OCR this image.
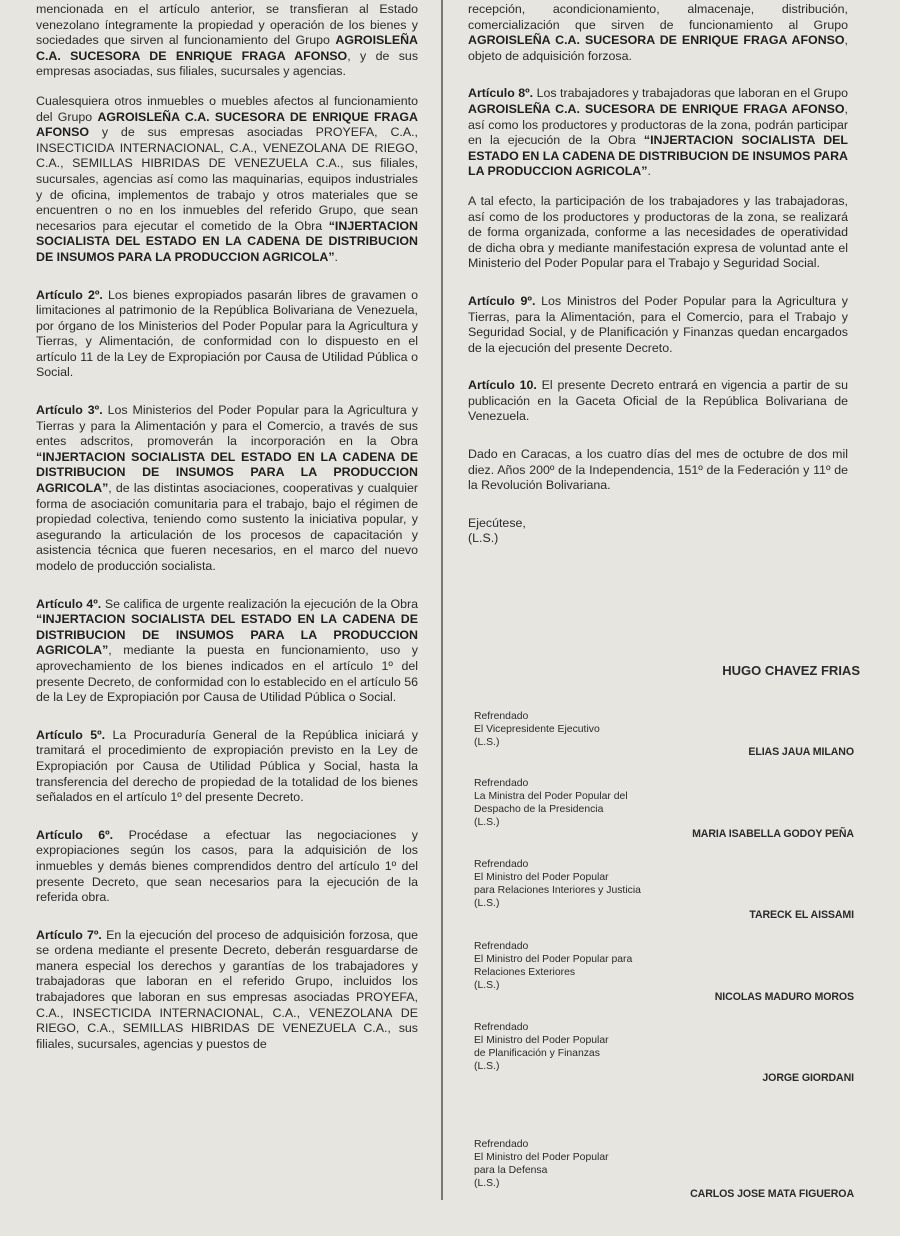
mencionada en el artículo anterior, se transfieran al Estado venezolano íntegramente la propiedad y operación de los bienes y sociedades que sirven al funcionamiento del Grupo AGROISLEÑA C.A. SUCESORA DE ENRIQUE FRAGA AFONSO, y de sus empresas asociadas, sus filiales, sucursales y agencias.

Cualesquiera otros inmuebles o muebles afectos al funcionamiento del Grupo AGROISLEÑA C.A. SUCESORA DE ENRIQUE FRAGA AFONSO y de sus empresas asociadas PROYEFA, C.A., INSECTICIDA INTERNACIONAL, C.A., VENEZOLANA DE RIEGO, C.A., SEMILLAS HIBRIDAS DE VENEZUELA C.A., sus filiales, sucursales, agencias así como las maquinarias, equipos industriales y de oficina, implementos de trabajo y otros materiales que se encuentren o no en los inmuebles del referido Grupo, que sean necesarios para ejecutar el cometido de la Obra “INJERTACION SOCIALISTA DEL ESTADO EN LA CADENA DE DISTRIBUCION DE INSUMOS PARA LA PRODUCCION AGRICOLA”.

Artículo 2º. Los bienes expropiados pasarán libres de gravamen o limitaciones al patrimonio de la República Bolivariana de Venezuela, por órgano de los Ministerios del Poder Popular para la Agricultura y Tierras, y Alimentación, de conformidad con lo dispuesto en el artículo 11 de la Ley de Expropiación por Causa de Utilidad Pública o Social.

Artículo 3º. Los Ministerios del Poder Popular para la Agricultura y Tierras y para la Alimentación y para el Comercio, a través de sus entes adscritos, promoverán la incorporación en la Obra “INJERTACION SOCIALISTA DEL ESTADO EN LA CADENA DE DISTRIBUCION DE INSUMOS PARA LA PRODUCCION AGRICOLA”, de las distintas asociaciones, cooperativas y cualquier forma de asociación comunitaria para el trabajo, bajo el régimen de propiedad colectiva, teniendo como sustento la iniciativa popular, y asegurando la articulación de los procesos de capacitación y asistencia técnica que fueren necesarios, en el marco del nuevo modelo de producción socialista.

Artículo 4º. Se califica de urgente realización la ejecución de la Obra “INJERTACION SOCIALISTA DEL ESTADO EN LA CADENA DE DISTRIBUCION DE INSUMOS PARA LA PRODUCCION AGRICOLA”, mediante la puesta en funcionamiento, uso y aprovechamiento de los bienes indicados en el artículo 1º del presente Decreto, de conformidad con lo establecido en el artículo 56 de la Ley de Expropiación por Causa de Utilidad Pública o Social.

Artículo 5º. La Procuraduría General de la República iniciará y tramitará el procedimiento de expropiación previsto en la Ley de Expropiación por Causa de Utilidad Pública y Social, hasta la transferencia del derecho de propiedad de la totalidad de los bienes señalados en el artículo 1º del presente Decreto.

Artículo 6º. Procédase a efectuar las negociaciones y expropiaciones según los casos, para la adquisición de los inmuebles y demás bienes comprendidos dentro del artículo 1º del presente Decreto, que sean necesarios para la ejecución de la referida obra.

Artículo 7º. En la ejecución del proceso de adquisición forzosa, que se ordena mediante el presente Decreto, deberán resguardarse de manera especial los derechos y garantías de los trabajadores y trabajadoras que laboran en el referido Grupo, incluidos los trabajadores que laboran en sus empresas asociadas PROYEFA, C.A., INSECTICIDA INTERNACIONAL, C.A., VENEZOLANA DE RIEGO, C.A., SEMILLAS HIBRIDAS DE VENEZUELA C.A., sus filiales, sucursales, agencias y puestos de

recepción, acondicionamiento, almacenaje, distribución, comercialización que sirven de funcionamiento al Grupo AGROISLEÑA C.A. SUCESORA DE ENRIQUE FRAGA AFONSO, objeto de adquisición forzosa.

Artículo 8º. Los trabajadores y trabajadoras que laboran en el Grupo AGROISLEÑA C.A. SUCESORA DE ENRIQUE FRAGA AFONSO, así como los productores y productoras de la zona, podrán participar en la ejecución de la Obra “INJERTACION SOCIALISTA DEL ESTADO EN LA CADENA DE DISTRIBUCION DE INSUMOS PARA LA PRODUCCION AGRICOLA”.

A tal efecto, la participación de los trabajadores y las trabajadoras, así como de los productores y productoras de la zona, se realizará de forma organizada, conforme a las necesidades de operatividad de dicha obra y mediante manifestación expresa de voluntad ante el Ministerio del Poder Popular para el Trabajo y Seguridad Social.

Artículo 9º. Los Ministros del Poder Popular para la Agricultura y Tierras, para la Alimentación, para el Comercio, para el Trabajo y Seguridad Social, y de Planificación y Finanzas quedan encargados de la ejecución del presente Decreto.

Artículo 10. El presente Decreto entrará en vigencia a partir de su publicación en la Gaceta Oficial de la República Bolivariana de Venezuela.

Dado en Caracas, a los cuatro días del mes de octubre de dos mil diez. Años 200º de la Independencia, 151º de la Federación y 11º de la Revolución Bolivariana.

Ejecútese,

(L.S.)

HUGO CHAVEZ FRIAS
Refrendado
El Vicepresidente Ejecutivo
(L.S.)
ELIAS JAUA MILANO
Refrendado
La Ministra del Poder Popular del
Despacho de la Presidencia
(L.S.)
MARIA ISABELLA GODOY PEÑA
Refrendado
El Ministro del Poder Popular
para Relaciones Interiores y Justicia
(L.S.)
TARECK EL AISSAMI
Refrendado
El Ministro del Poder Popular para
Relaciones Exteriores
(L.S.)
NICOLAS MADURO MOROS
Refrendado
El Ministro del Poder Popular
de Planificación y Finanzas
(L.S.)
JORGE GIORDANI
Refrendado
El Ministro del Poder Popular
para la Defensa
(L.S.)
CARLOS JOSE MATA FIGUEROA
